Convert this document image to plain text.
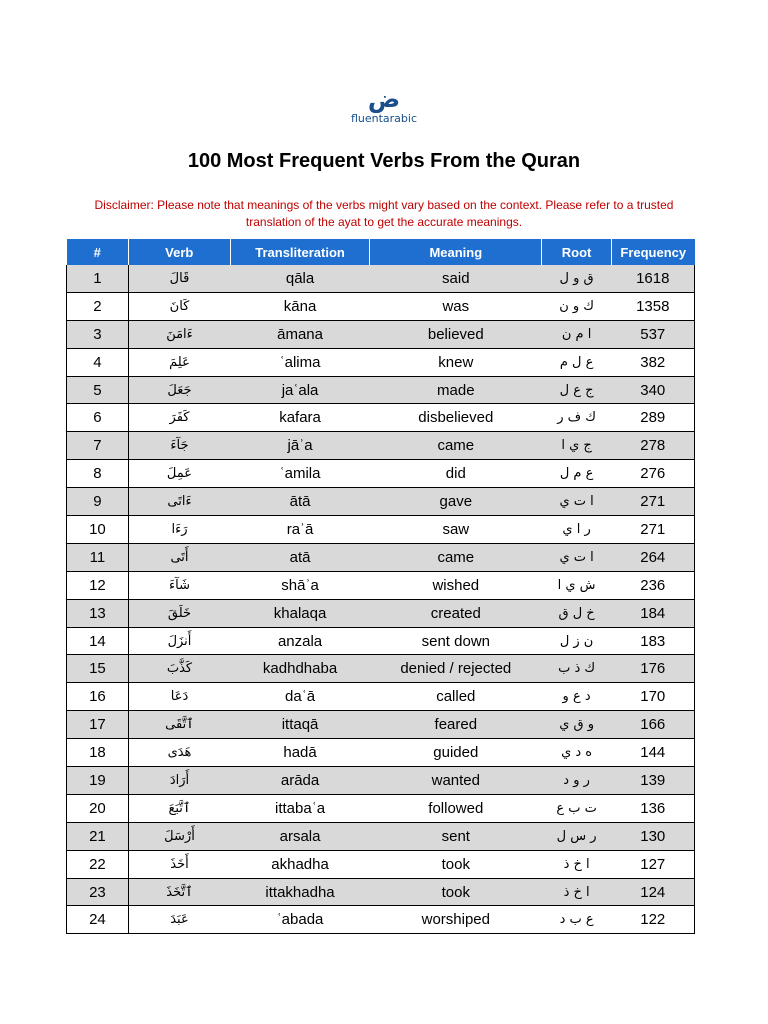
ض
fluentarabic
100 Most Frequent Verbs From the Quran
Disclaimer: Please note that meanings of the verbs might vary based on the context. Please refer to a trusted translation of the ayat to get the accurate meanings.
#	Verb	Transliteration	Meaning	Root	Frequency
1	قَالَ	qāla	said	ق و ل	1618
2	كَانَ	kāna	was	ك و ن	1358
3	ءَامَنَ	āmana	believed	ا م ن	537
4	عَلِمَ	ʿalima	knew	ع ل م	382
5	جَعَلَ	jaʿala	made	ج ع ل	340
6	كَفَرَ	kafara	disbelieved	ك ف ر	289
7	جَآءَ	jāʾa	came	ج ي ا	278
8	عَمِلَ	ʿamila	did	ع م ل	276
9	ءَاتَى	ātā	gave	ا ت ي	271
10	رَءَا	raʾā	saw	ر ا ي	271
11	أَتَى	atā	came	ا ت ي	264
12	شَآءَ	shāʾa	wished	ش ي ا	236
13	خَلَقَ	khalaqa	created	خ ل ق	184
14	أَنزَلَ	anzala	sent down	ن ز ل	183
15	كَذَّبَ	kadhdhaba	denied / rejected	ك ذ ب	176
16	دَعَا	daʿā	called	د ع و	170
17	ٱتَّقَى	ittaqā	feared	و ق ي	166
18	هَدَى	hadā	guided	ه د ي	144
19	أَرَادَ	arāda	wanted	ر و د	139
20	ٱتَّبَعَ	ittabaʿa	followed	ت ب ع	136
21	أَرْسَلَ	arsala	sent	ر س ل	130
22	أَخَذَ	akhadha	took	ا خ ذ	127
23	ٱتَّخَذَ	ittakhadha	took	ا خ ذ	124
24	عَبَدَ	ʿabada	worshiped	ع ب د	122
